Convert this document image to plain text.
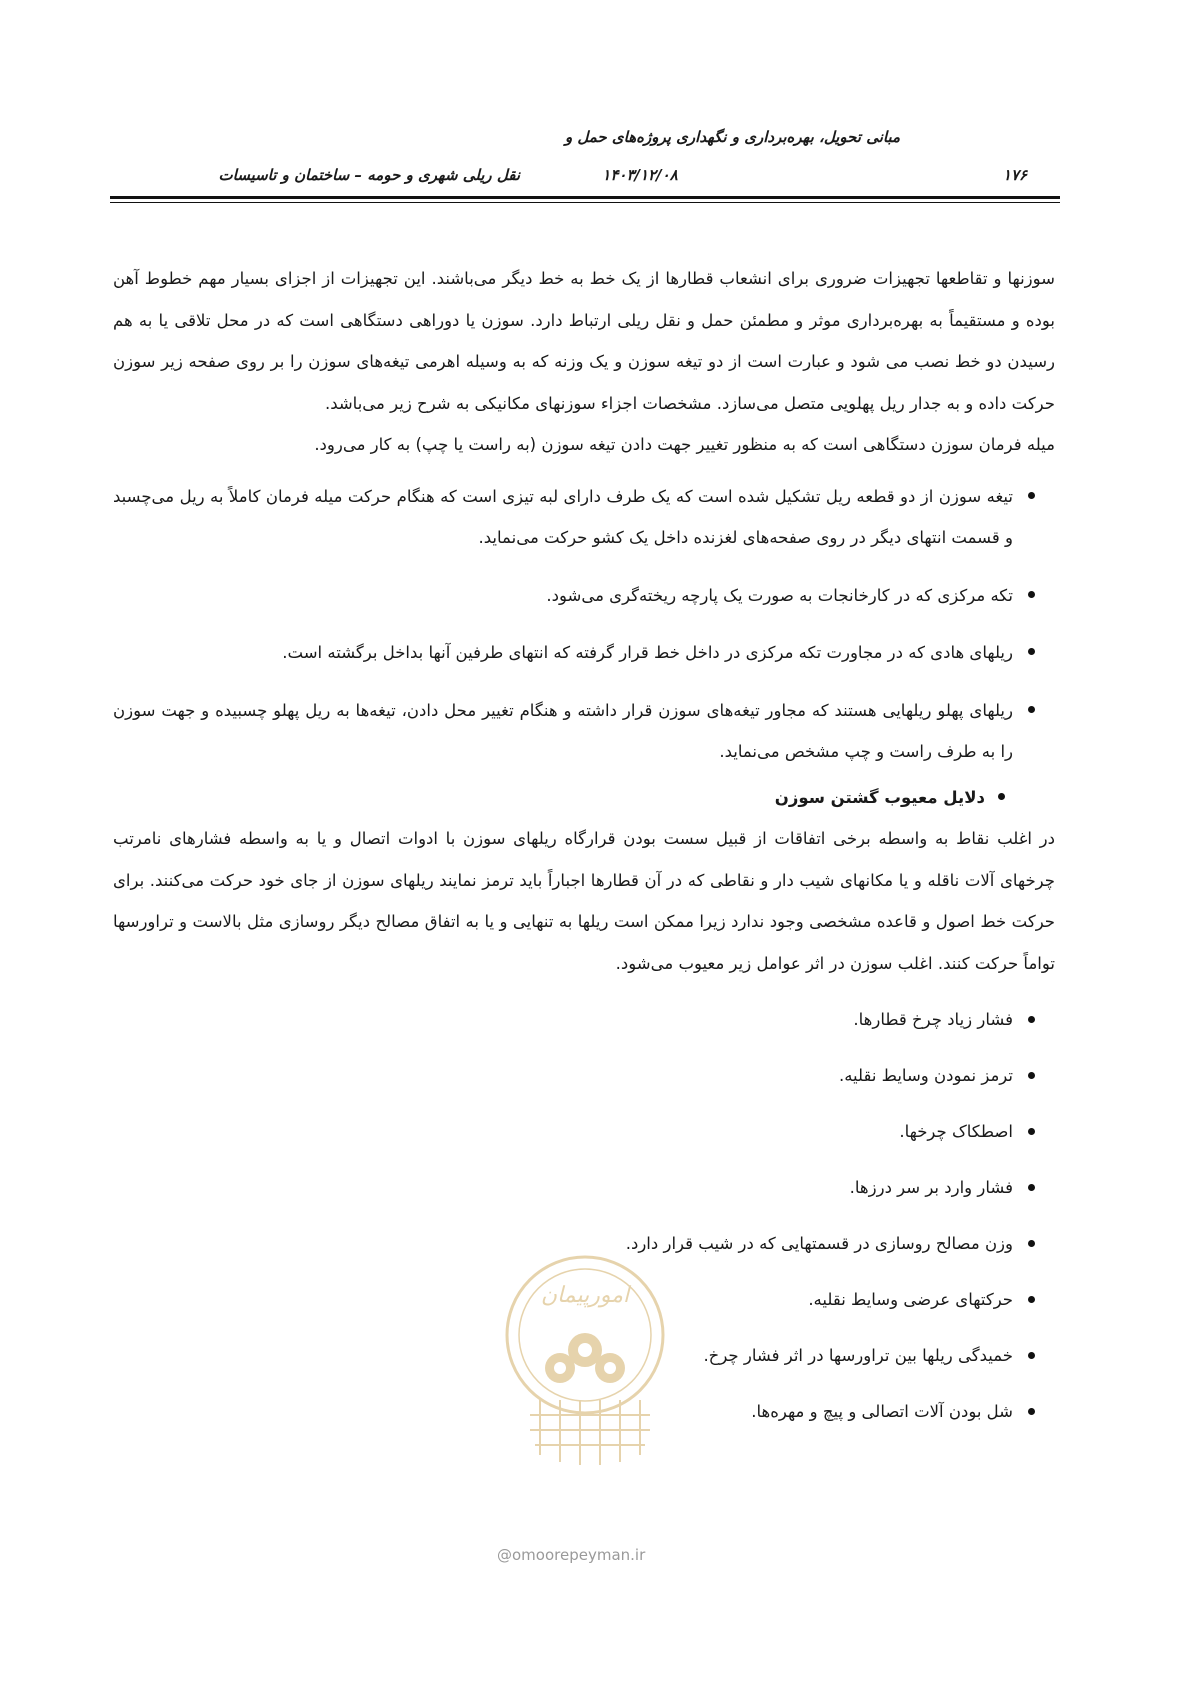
مبانی تحویل، بهره‌برداری و نگهداری پروژه‌های حمل و
نقل ریلی شهری و حومه – ساختمان و تاسیسات	۱۴۰۳/۱۲/۰۸	۱۷۶

سوزنها و تقاطعها تجهیزات ضروری برای انشعاب قطارها از یک خط به خط دیگر می‌باشند. این تجهیزات از اجزای بسیار مهم خطوط آهن بوده و مستقیماً به بهره‌برداری موثر و مطمئن حمل و نقل ریلی ارتباط دارد. سوزن یا دوراهی دستگاهی است که در محل تلاقی یا به هم رسیدن دو خط نصب می شود و عبارت است از دو تیغه سوزن و یک وزنه که به وسیله اهرمی تیغه‌های سوزن را بر روی صفحه زیر سوزن حرکت داده و به جدار ریل پهلویی متصل می‌سازد. مشخصات اجزاء سوزنهای مکانیکی به شرح زیر می‌باشد.

میله فرمان سوزن دستگاهی است که به منظور تغییر جهت دادن تیغه سوزن (به راست یا چپ) به کار می‌رود.

تیغه سوزن از دو قطعه ریل تشکیل شده است که یک طرف دارای لبه تیزی است که هنگام حرکت میله فرمان کاملاً به ریل می‌چسبد و قسمت انتهای دیگر در روی صفحه‌های لغزنده داخل یک کشو حرکت می‌نماید.
تکه مرکزی که در کارخانجات به صورت یک پارچه ریخته‌گری می‌شود.
ریلهای هادی که در مجاورت تکه مرکزی در داخل خط قرار گرفته که انتهای طرفین آنها بداخل برگشته است.
ریلهای پهلو ریلهایی هستند که مجاور تیغه‌های سوزن قرار داشته و هنگام تغییر محل دادن، تیغه‌ها به ریل پهلو چسبیده و جهت سوزن را به طرف راست و چپ مشخص می‌نماید.
دلایل معیوب گشتن سوزن

در اغلب نقاط به واسطه برخی اتفاقات از قبیل سست بودن قرارگاه ریلهای سوزن با ادوات اتصال و یا به واسطه فشارهای نامرتب چرخهای آلات ناقله و یا مکانهای شیب دار و نقاطی که در آن قطارها اجباراً باید ترمز نمایند ریلهای سوزن از جای خود حرکت می‌کنند. برای حرکت خط اصول و قاعده مشخصی وجود ندارد زیرا ممکن است ریلها به تنهایی و یا به اتفاق مصالح دیگر روسازی مثل بالاست و تراورسها تواماً حرکت کنند. اغلب سوزن در اثر عوامل زیر معیوب می‌شود.

فشار زیاد چرخ قطارها.
ترمز نمودن وسایط نقلیه.
اصطکاک چرخها.
فشار وارد بر سر درزها.
وزن مصالح روسازی در قسمتهایی که در شیب قرار دارد.
حرکتهای عرضی وسایط نقلیه.
خمیدگی ریلها بین تراورسها در اثر فشار چرخ.
شل بودن آلات اتصالی و پیچ و مهره‌ها.
امورپیمان
@omoorepeyman.ir
